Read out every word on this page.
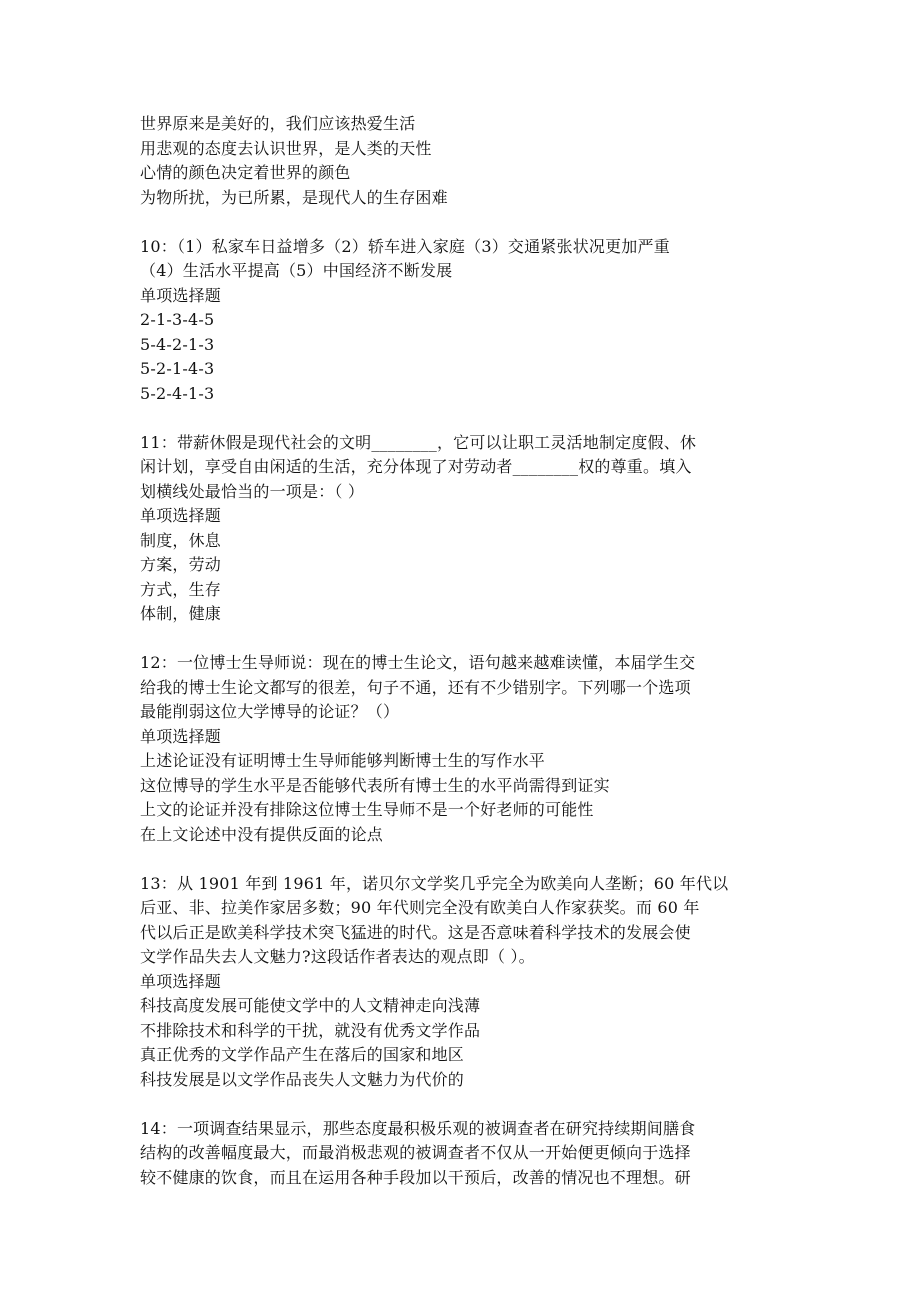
世界原来是美好的，我们应该热爱生活
用悲观的态度去认识世界，是人类的天性
心情的颜色决定着世界的颜色
为物所扰，为已所累，是现代人的生存困难
10：（1）私家车日益增多（2）轿车进入家庭（3）交通紧张状况更加严重
（4）生活水平提高（5）中国经济不断发展
单项选择题
2-1-3-4-5
5-4-2-1-3
5-2-1-4-3
5-2-4-1-3
11：带薪休假是现代社会的文明________，它可以让职工灵活地制定度假、休
闲计划，享受自由闲适的生活，充分体现了对劳动者________权的尊重。填入
划横线处最恰当的一项是：（ ）
单项选择题
制度，休息
方案，劳动
方式，生存
体制，健康
12：一位博士生导师说：现在的博士生论文，语句越来越难读懂，本届学生交
给我的博士生论文都写的很差，句子不通，还有不少错别字。下列哪一个选项
最能削弱这位大学博导的论证？（）
单项选择题
上述论证没有证明博士生导师能够判断博士生的写作水平
这位博导的学生水平是否能够代表所有博士生的水平尚需得到证实
上文的论证并没有排除这位博士生导师不是一个好老师的可能性
在上文论述中没有提供反面的论点
13：从 1901 年到 1961 年，诺贝尔文学奖几乎完全为欧美向人垄断；60 年代以
后亚、非、拉美作家居多数；90 年代则完全没有欧美白人作家获奖。而 60 年
代以后正是欧美科学技术突飞猛进的时代。这是否意味着科学技术的发展会使
文学作品失去人文魅力?这段话作者表达的观点即（ ）。
单项选择题
科技高度发展可能使文学中的人文精神走向浅薄
不排除技术和科学的干扰，就没有优秀文学作品
真正优秀的文学作品产生在落后的国家和地区
科技发展是以文学作品丧失人文魅力为代价的
14：一项调查结果显示，那些态度最积极乐观的被调查者在研究持续期间膳食
结构的改善幅度最大，而最消极悲观的被调查者不仅从一开始便更倾向于选择
较不健康的饮食，而且在运用各种手段加以干预后，改善的情况也不理想。研
